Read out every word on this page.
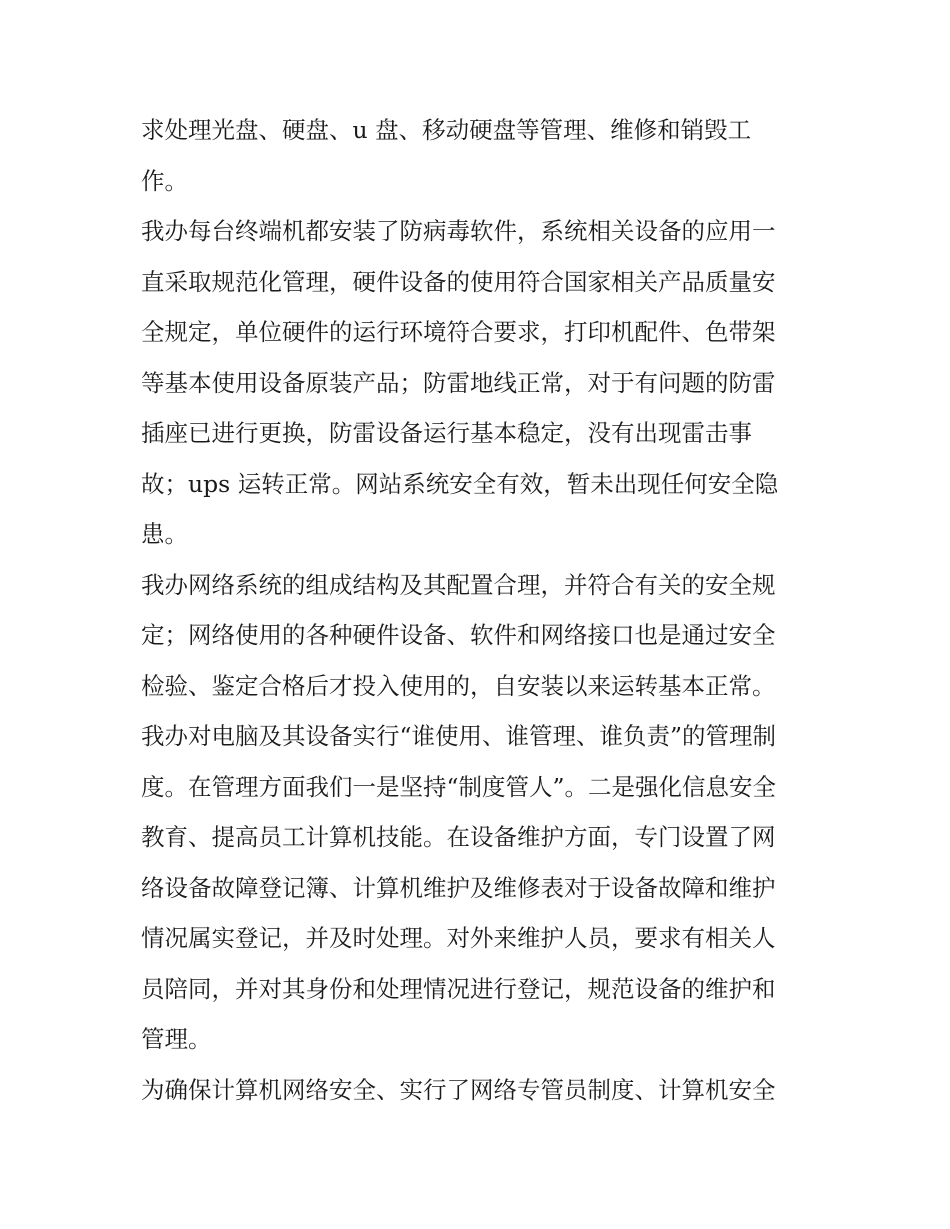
求处理光盘、硬盘、u 盘、移动硬盘等管理、维修和销毁工
作。
我办每台终端机都安装了防病毒软件，系统相关设备的应用一
直采取规范化管理，硬件设备的使用符合国家相关产品质量安
全规定，单位硬件的运行环境符合要求，打印机配件、色带架
等基本使用设备原装产品；防雷地线正常，对于有问题的防雷
插座已进行更换，防雷设备运行基本稳定，没有出现雷击事
故；ups 运转正常。网站系统安全有效，暂未出现任何安全隐
患。
我办网络系统的组成结构及其配置合理，并符合有关的安全规
定；网络使用的各种硬件设备、软件和网络接口也是通过安全
检验、鉴定合格后才投入使用的，自安装以来运转基本正常。
我办对电脑及其设备实行“谁使用、谁管理、谁负责”的管理制
度。在管理方面我们一是坚持“制度管人”。二是强化信息安全
教育、提高员工计算机技能。在设备维护方面，专门设置了网
络设备故障登记簿、计算机维护及维修表对于设备故障和维护
情况属实登记，并及时处理。对外来维护人员，要求有相关人
员陪同，并对其身份和处理情况进行登记，规范设备的维护和
管理。
为确保计算机网络安全、实行了网络专管员制度、计算机安全
